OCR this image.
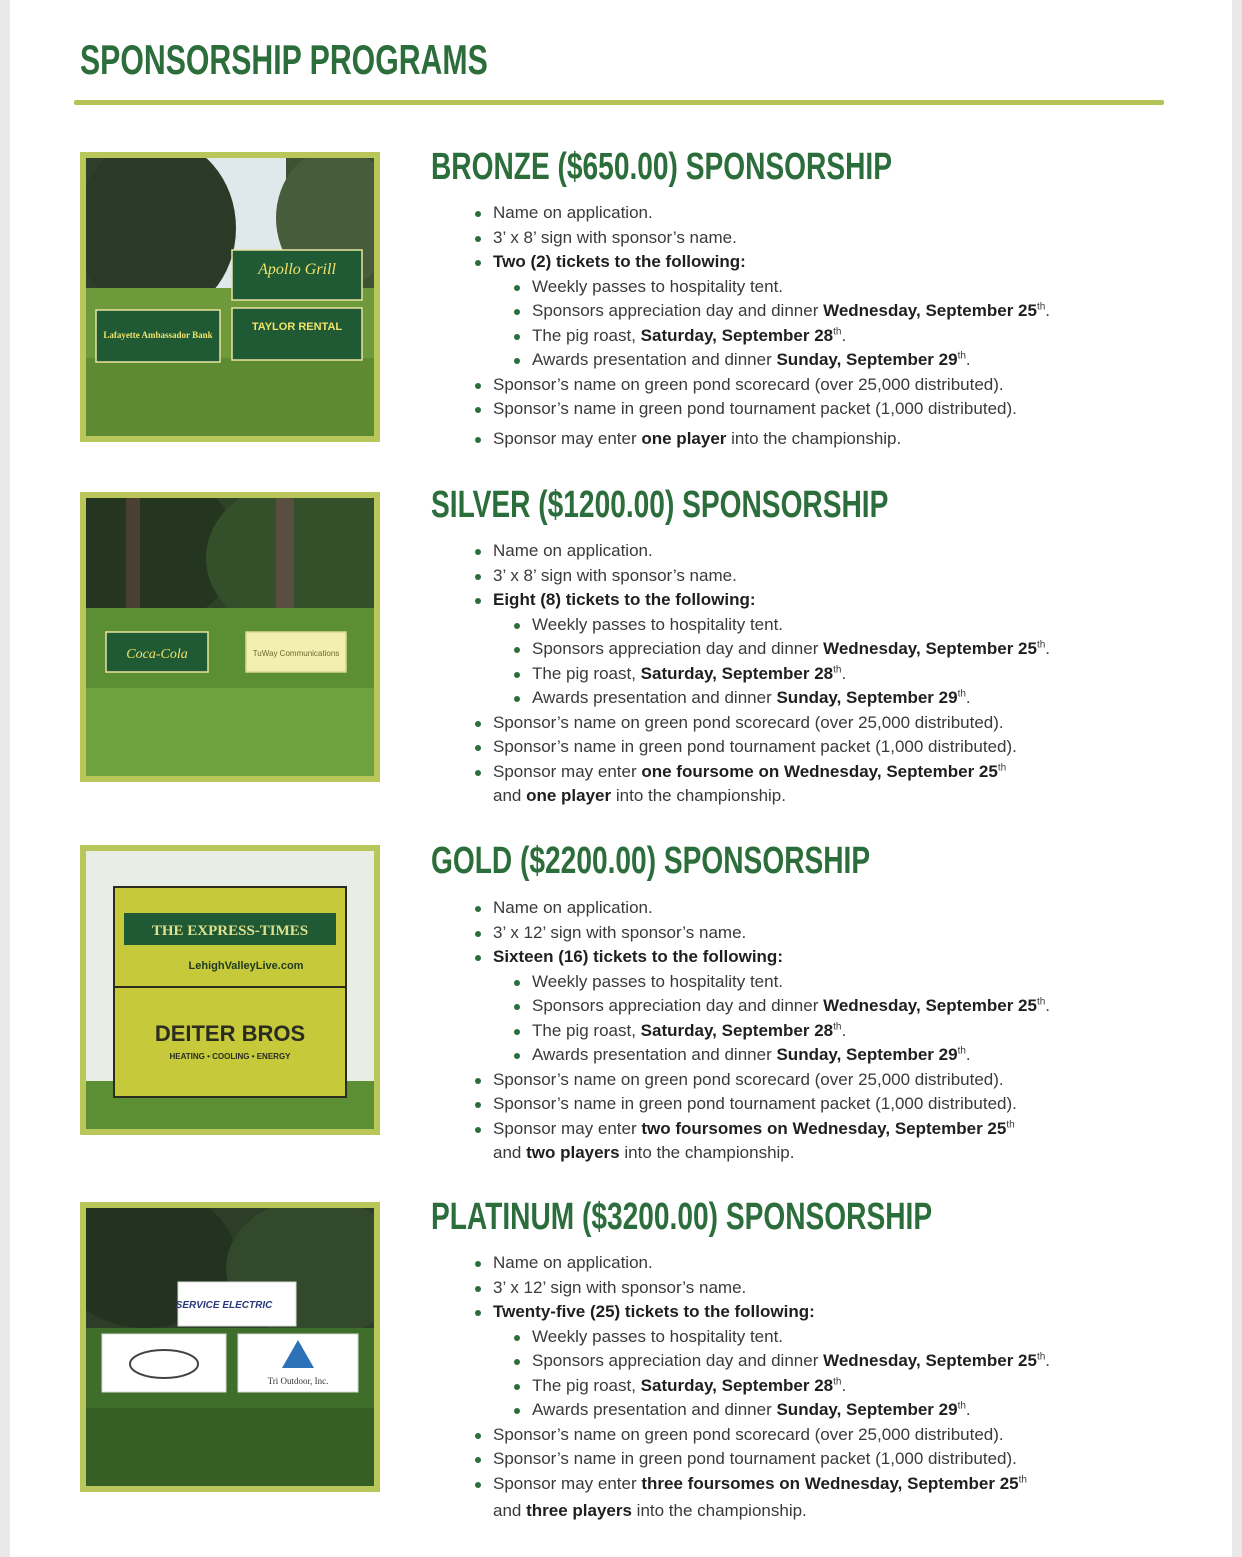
SPONSORSHIP PROGRAMS
Apollo Grill
TAYLOR RENTAL
Lafayette Ambassador Bank
BRONZE ($650.00) SPONSORSHIP
Name on application.
3’ x 8’ sign with sponsor’s name.
Two (2) tickets to the following:
Weekly passes to hospitality tent.
Sponsors appreciation day and dinner Wednesday, September 25th.
The pig roast, Saturday, September 28th.
Awards presentation and dinner Sunday, September 29th.
Sponsor’s name on green pond scorecard (over 25,000 distributed).
Sponsor’s name in green pond tournament packet (1,000 distributed).
Sponsor may enter one player into the championship.
Coca-Cola	TuWay Communications
SILVER ($1200.00) SPONSORSHIP
Name on application.
3’ x 8’ sign with sponsor’s name.
Eight (8) tickets to the following:
Weekly passes to hospitality tent.
Sponsors appreciation day and dinner Wednesday, September 25th.
The pig roast, Saturday, September 28th.
Awards presentation and dinner Sunday, September 29th.
Sponsor’s name on green pond scorecard (over 25,000 distributed).
Sponsor’s name in green pond tournament packet (1,000 distributed).
Sponsor may enter one foursome on Wednesday, September 25th
and one player into the championship.
THE EXPRESS-TIMES
LehighValleyLive.com
DEITER BROS
HEATING • COOLING • ENERGY
GOLD ($2200.00) SPONSORSHIP
Name on application.
3’ x 12’ sign with sponsor’s name.
Sixteen (16) tickets to the following:
Weekly passes to hospitality tent.
Sponsors appreciation day and dinner Wednesday, September 25th.
The pig roast, Saturday, September 28th.
Awards presentation and dinner Sunday, September 29th.
Sponsor’s name on green pond scorecard (over 25,000 distributed).
Sponsor’s name in green pond tournament packet (1,000 distributed).
Sponsor may enter two foursomes on Wednesday, September 25th
and two players into the championship.
SERVICE ELECTRIC
Tri Outdoor, Inc.
PLATINUM ($3200.00) SPONSORSHIP
Name on application.
3’ x 12’ sign with sponsor’s name.
Twenty-five (25) tickets to the following:
Weekly passes to hospitality tent.
Sponsors appreciation day and dinner Wednesday, September 25th.
The pig roast, Saturday, September 28th.
Awards presentation and dinner Sunday, September 29th.
Sponsor’s name on green pond scorecard (over 25,000 distributed).
Sponsor’s name in green pond tournament packet (1,000 distributed).
Sponsor may enter three foursomes on Wednesday, September 25th
and three players into the championship.
